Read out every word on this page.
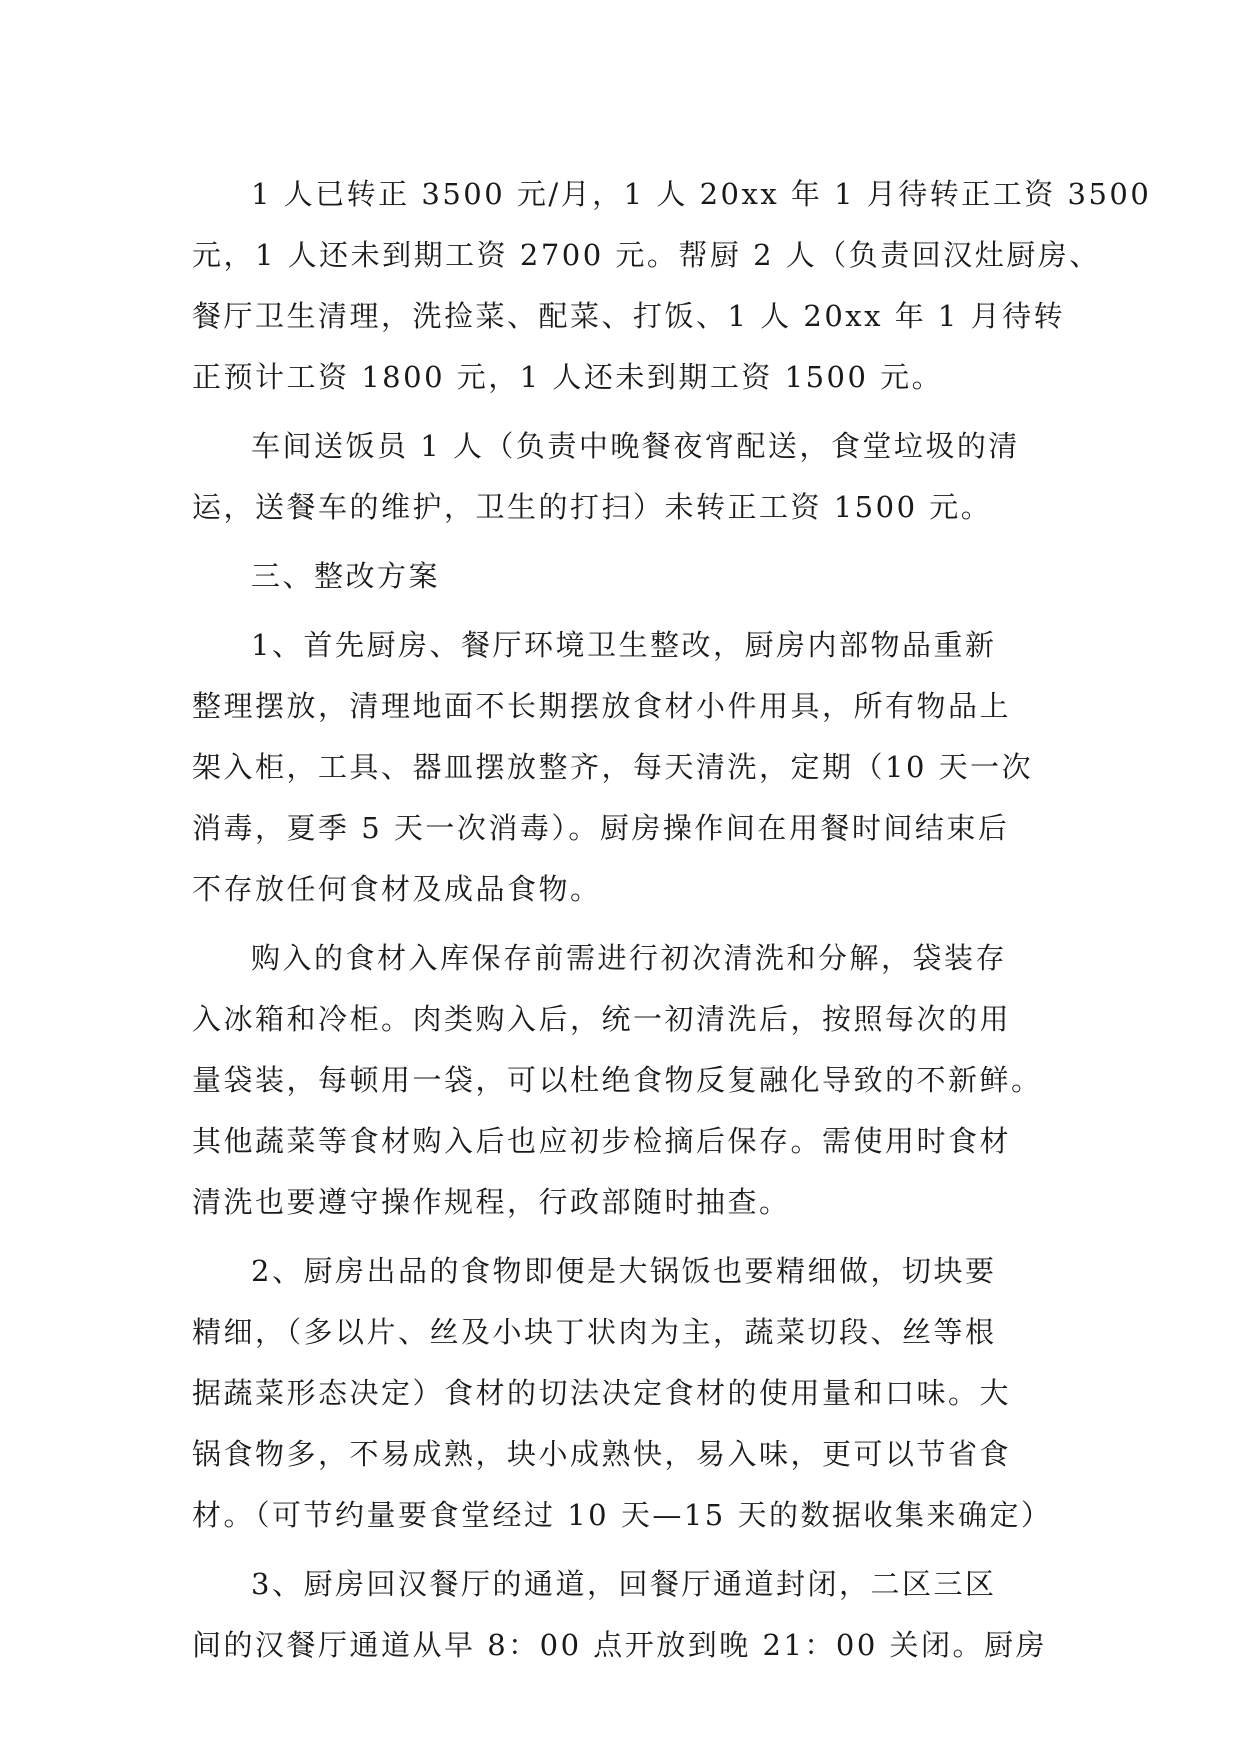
1 人已转正 3500 元/月，1 人 20xx 年 1 月待转正工资 3500
元，1 人还未到期工资 2700 元。帮厨 2 人（负责回汉灶厨房、
餐厅卫生清理，洗捡菜、配菜、打饭、1 人 20xx 年 1 月待转
正预计工资 1800 元，1 人还未到期工资 1500 元。
车间送饭员 1 人（负责中晚餐夜宵配送，食堂垃圾的清
运，送餐车的维护，卫生的打扫）未转正工资 1500 元。
三、整改方案
1、首先厨房、餐厅环境卫生整改，厨房内部物品重新
整理摆放，清理地面不长期摆放食材小件用具，所有物品上
架入柜，工具、器皿摆放整齐，每天清洗，定期（10 天一次
消毒，夏季 5 天一次消毒）。厨房操作间在用餐时间结束后
不存放任何食材及成品食物。
购入的食材入库保存前需进行初次清洗和分解，袋装存
入冰箱和冷柜。肉类购入后，统一初清洗后，按照每次的用
量袋装，每顿用一袋，可以杜绝食物反复融化导致的不新鲜。
其他蔬菜等食材购入后也应初步检摘后保存。需使用时食材
清洗也要遵守操作规程，行政部随时抽查。
2、厨房出品的食物即便是大锅饭也要精细做，切块要
精细，（多以片、丝及小块丁状肉为主，蔬菜切段、丝等根
据蔬菜形态决定）食材的切法决定食材的使用量和口味。大
锅食物多，不易成熟，块小成熟快，易入味，更可以节省食
材。（可节约量要食堂经过 10 天—15 天的数据收集来确定）
3、厨房回汉餐厅的通道，回餐厅通道封闭，二区三区
间的汉餐厅通道从早 8：00 点开放到晚 21：00 关闭。厨房
